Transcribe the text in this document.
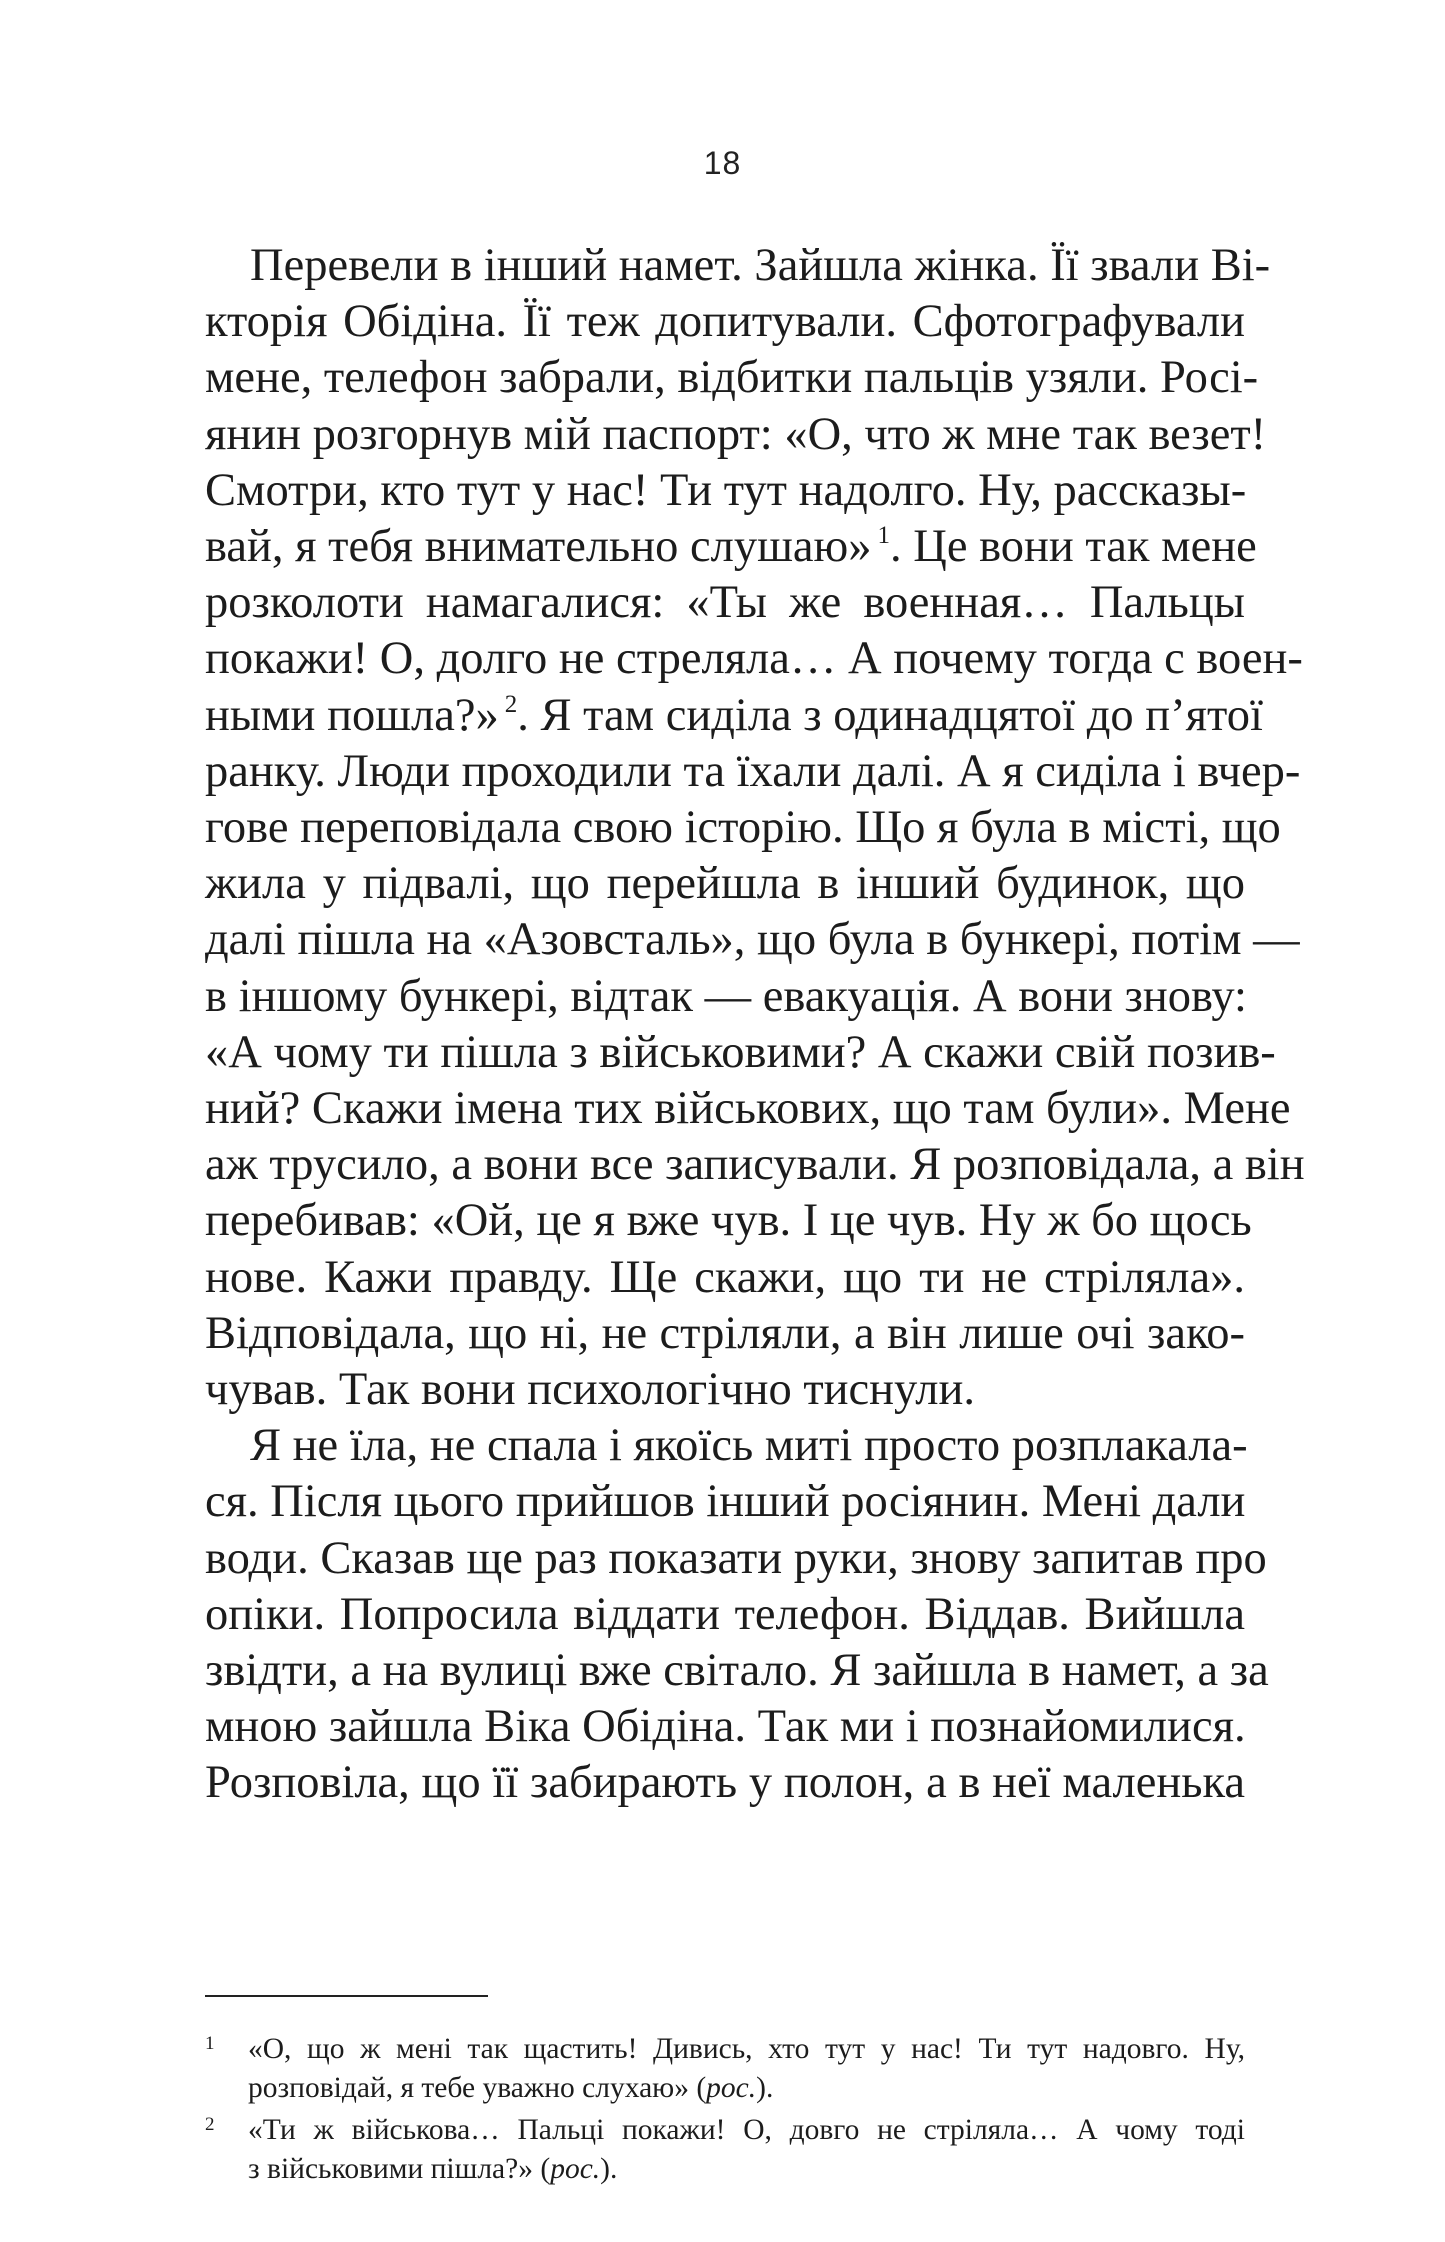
18
Перевели в інший намет. Зайшла жінка. Її звали Ві-
кторія Обідіна. Її теж допитували. Сфотографували
мене, телефон забрали, відбитки пальців узяли. Росі-
янин розгорнув мій паспорт: «О, что ж мне так везет!
Смотри, кто тут у нас! Ти тут надолго. Ну, рассказы-
вай, я тебя внимательно слушаю» $^1$. Це вони так мене
розколоти намагалися: «Ты же военная… Пальцы
покажи! О, долго не стреляла… А почему тогда с воен-
ными пошла?» $^2$. Я там сиділа з одинадцятої до п’ятої
ранку. Люди проходили та їхали далі. А я сиділа і вчер-
гове переповідала свою історію. Що я була в місті, що
жила у підвалі, що перейшла в інший будинок, що
далі пішла на «Азовсталь», що була в бункері, потім —
в іншому бункері, відтак — евакуація. А вони знову:
«А чому ти пішла з військовими? А скажи свій позив-
ний? Скажи імена тих військових, що там були». Мене
аж трусило, а вони все записували. Я розповідала, а він
перебивав: «Ой, це я вже чув. І це чув. Ну ж бо щось
нове. Кажи правду. Ще скажи, що ти не стріляла».
Відповідала, що ні, не стріляли, а він лише очі зако-
чував. Так вони психологічно тиснули.
Я не їла, не спала і якоїсь миті просто розплакала-
ся. Після цього прийшов інший росіянин. Мені дали
води. Сказав ще раз показати руки, знову запитав про
опіки. Попросила віддати телефон. Віддав. Вийшла
звідти, а на вулиці вже світало. Я зайшла в намет, а за
мною зайшла Віка Обідіна. Так ми і познайомилися.
Розповіла, що її забирають у полон, а в неї маленька
1 «О, що ж мені так щастить! Дивись, хто тут у нас! Ти тут надовго. Ну,
розповідай, я тебе уважно слухаю» (рос.).
2 «Ти ж військова… Пальці покажи! О, довго не стріляла… А чому тоді
з військовими пішла?» (рос.).
